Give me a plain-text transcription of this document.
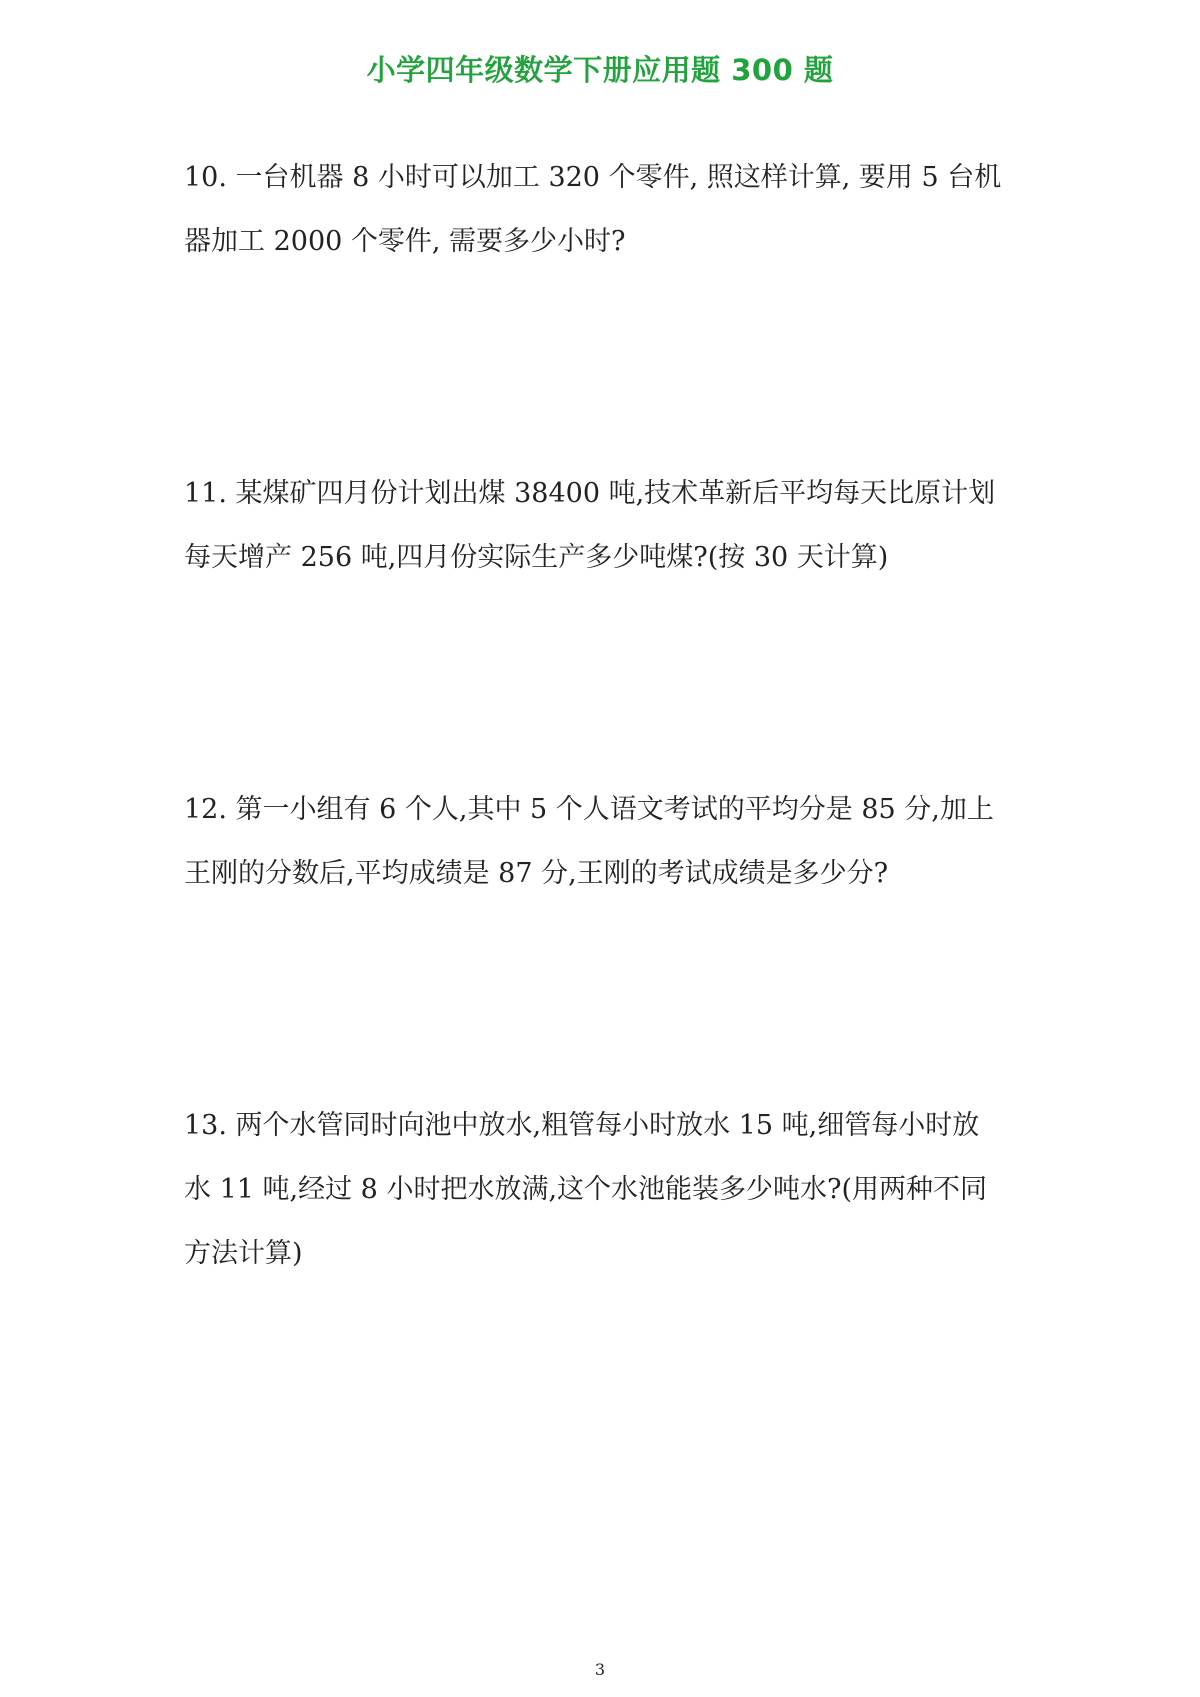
小学四年级数学下册应用题 300 题
10. 一台机器 8 小时可以加工 320 个零件, 照这样计算, 要用 5 台机
器加工 2000 个零件, 需要多少小时?
11. 某煤矿四月份计划出煤 38400 吨,技术革新后平均每天比原计划
每天增产 256 吨,四月份实际生产多少吨煤?(按 30 天计算)
12. 第一小组有 6 个人,其中 5 个人语文考试的平均分是 85 分,加上
王刚的分数后,平均成绩是 87 分,王刚的考试成绩是多少分?
13. 两个水管同时向池中放水,粗管每小时放水 15 吨,细管每小时放
水 11 吨,经过 8 小时把水放满,这个水池能装多少吨水?(用两种不同
方法计算)
3
